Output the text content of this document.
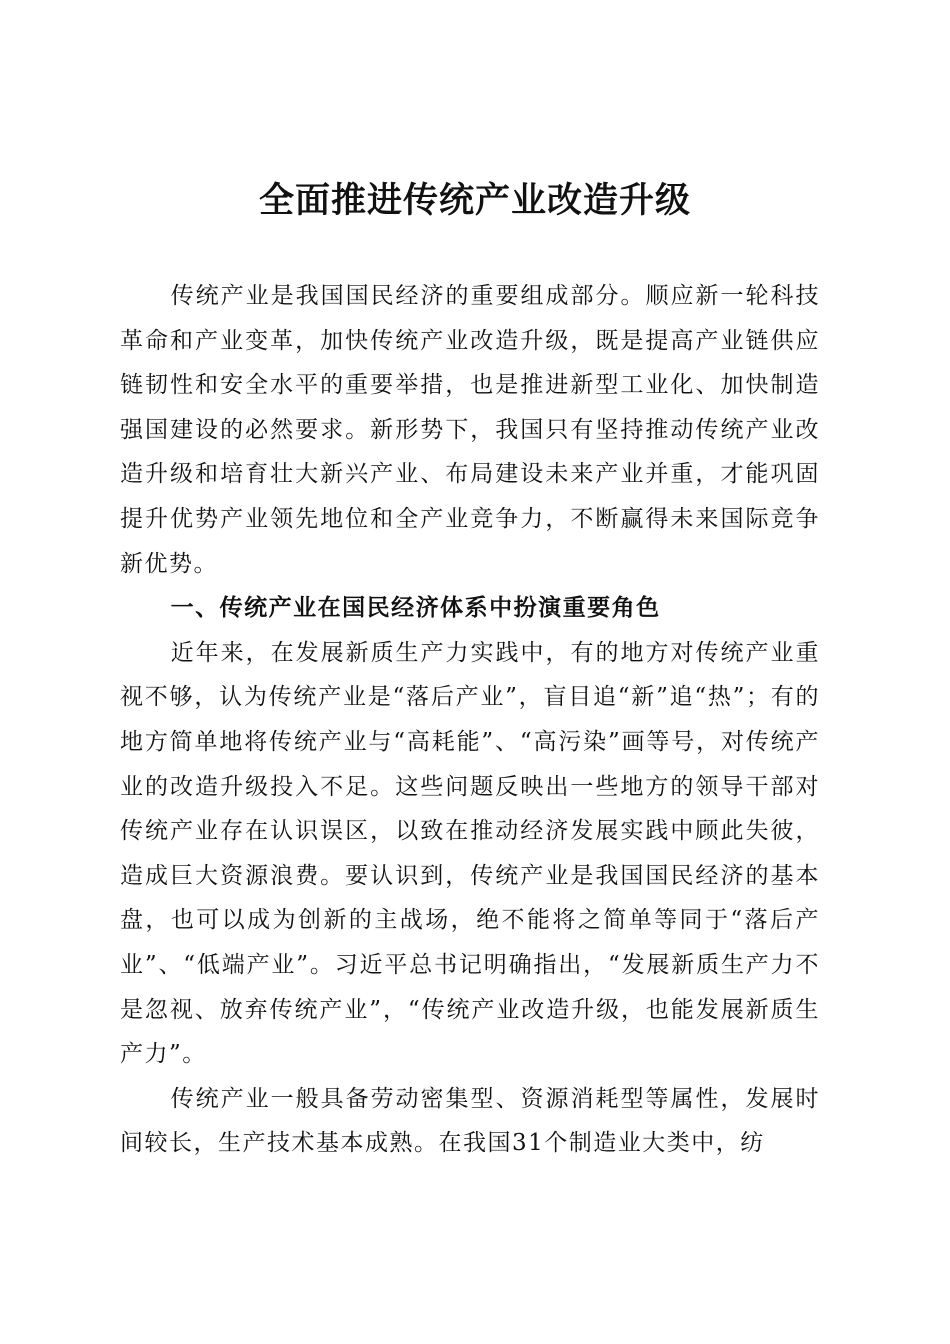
全面推进传统产业改造升级

传统产业是我国国民经济的重要组成部分。顺应新一轮科技革命和产业变革，加快传统产业改造升级，既是提高产业链供应链韧性和安全水平的重要举措，也是推进新型工业化、加快制造强国建设的必然要求。新形势下，我国只有坚持推动传统产业改造升级和培育壮大新兴产业、布局建设未来产业并重，才能巩固提升优势产业领先地位和全产业竞争力，不断赢得未来国际竞争新优势。

一、传统产业在国民经济体系中扮演重要角色

近年来，在发展新质生产力实践中，有的地方对传统产业重视不够，认为传统产业是“落后产业”，盲目追“新”追“热”；有的地方简单地将传统产业与“高耗能”、“高污染”画等号，对传统产业的改造升级投入不足。这些问题反映出一些地方的领导干部对传统产业存在认识误区，以致在推动经济发展实践中顾此失彼，造成巨大资源浪费。要认识到，传统产业是我国国民经济的基本盘，也可以成为创新的主战场，绝不能将之简单等同于“落后产业”、“低端产业”。习近平总书记明确指出，“发展新质生产力不是忽视、放弃传统产业”，“传统产业改造升级，也能发展新质生产力”。

传统产业一般具备劳动密集型、资源消耗型等属性，发展时间较长，生产技术基本成熟。在我国31个制造业大类中，纺
